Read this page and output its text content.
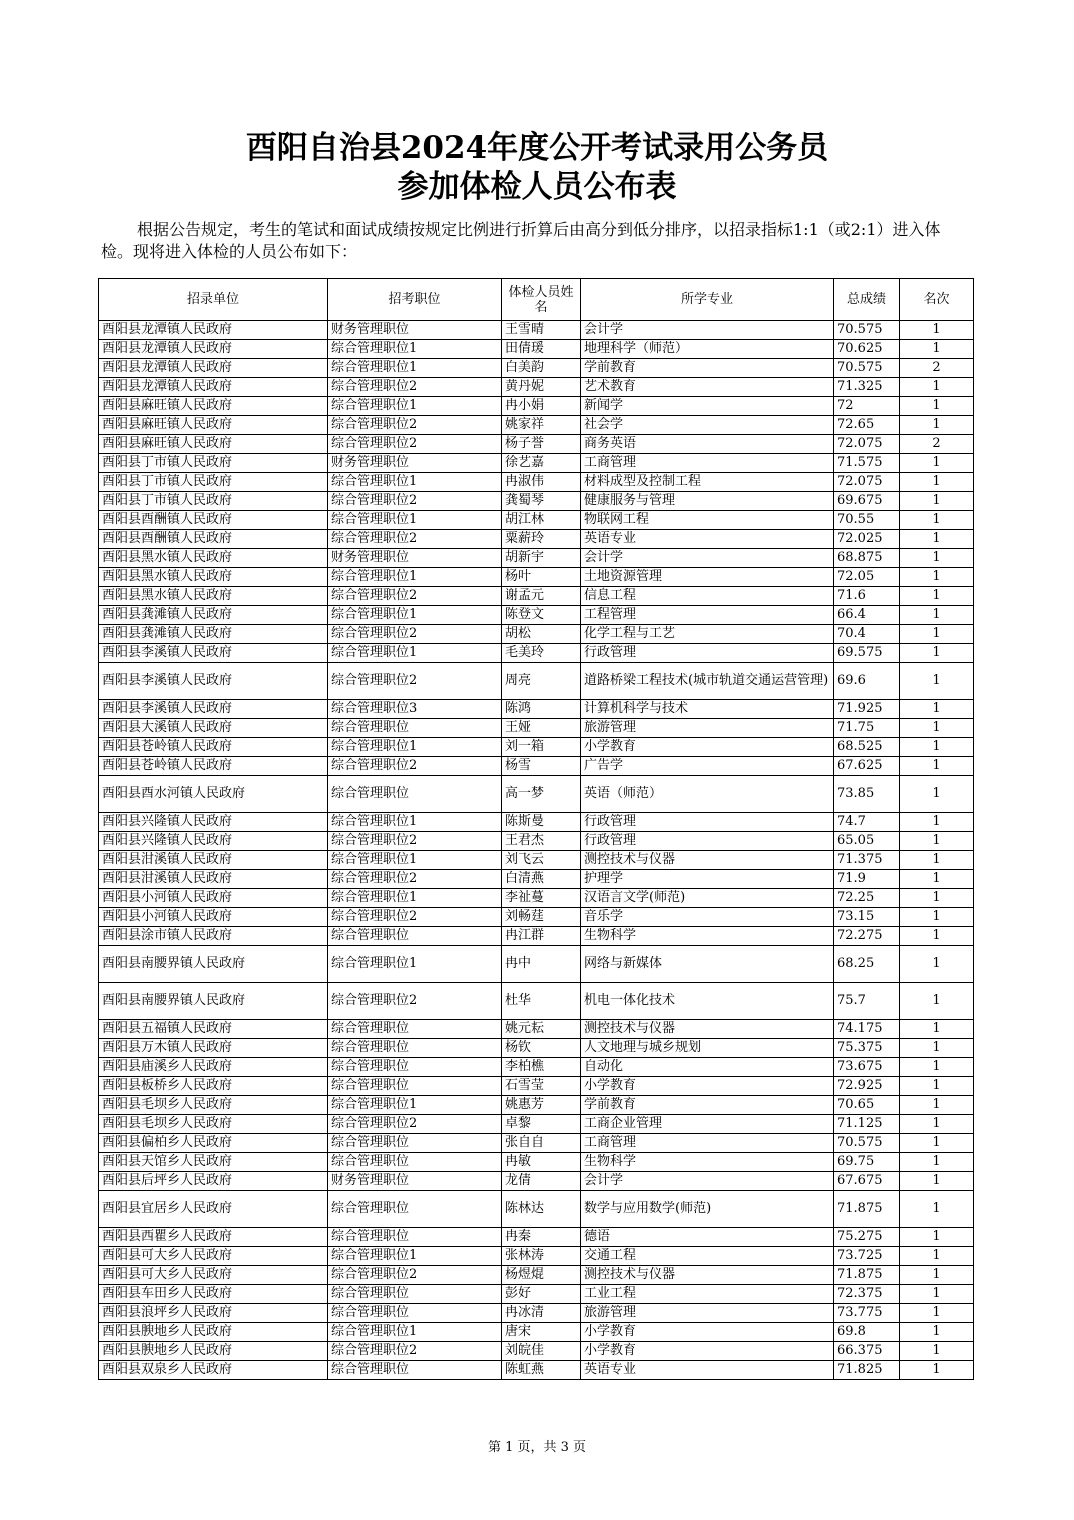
酉阳自治县2024年度公开考试录用公务员
参加体检人员公布表
根据公告规定，考生的笔试和面试成绩按规定比例进行折算后由高分到低分排序，以招录指标1:1（或2:1）进入体检。现将进入体检的人员公布如下：
招录单位	招考职位	体检人员姓名	所学专业	总成绩	名次
酉阳县龙潭镇人民政府	财务管理职位	王雪晴	会计学	70.575	1
酉阳县龙潭镇人民政府	综合管理职位1	田倩瑗	地理科学（师范）	70.625	1
酉阳县龙潭镇人民政府	综合管理职位1	白美韵	学前教育	70.575	2
酉阳县龙潭镇人民政府	综合管理职位2	黄丹妮	艺术教育	71.325	1
酉阳县麻旺镇人民政府	综合管理职位1	冉小娟	新闻学	72	1
酉阳县麻旺镇人民政府	综合管理职位2	姚家祥	社会学	72.65	1
酉阳县麻旺镇人民政府	综合管理职位2	杨子誉	商务英语	72.075	2
酉阳县丁市镇人民政府	财务管理职位	徐艺嘉	工商管理	71.575	1
酉阳县丁市镇人民政府	综合管理职位1	冉淑伟	材料成型及控制工程	72.075	1
酉阳县丁市镇人民政府	综合管理职位2	龚蜀琴	健康服务与管理	69.675	1
酉阳县酉酬镇人民政府	综合管理职位1	胡江林	物联网工程	70.55	1
酉阳县酉酬镇人民政府	综合管理职位2	粟薪玲	英语专业	72.025	1
酉阳县黑水镇人民政府	财务管理职位	胡新宇	会计学	68.875	1
酉阳县黑水镇人民政府	综合管理职位1	杨叶	土地资源管理	72.05	1
酉阳县黑水镇人民政府	综合管理职位2	谢孟元	信息工程	71.6	1
酉阳县龚滩镇人民政府	综合管理职位1	陈登文	工程管理	66.4	1
酉阳县龚滩镇人民政府	综合管理职位2	胡松	化学工程与工艺	70.4	1
酉阳县李溪镇人民政府	综合管理职位1	毛美玲	行政管理	69.575	1
酉阳县李溪镇人民政府	综合管理职位2	周亮	道路桥梁工程技术(城市轨道交通运营管理)	69.6	1
酉阳县李溪镇人民政府	综合管理职位3	陈鸿	计算机科学与技术	71.925	1
酉阳县大溪镇人民政府	综合管理职位	王娅	旅游管理	71.75	1
酉阳县苍岭镇人民政府	综合管理职位1	刘一箱	小学教育	68.525	1
酉阳县苍岭镇人民政府	综合管理职位2	杨雪	广告学	67.625	1
酉阳县酉水河镇人民政府	综合管理职位	高一梦	英语（师范）	73.85	1
酉阳县兴隆镇人民政府	综合管理职位1	陈斯曼	行政管理	74.7	1
酉阳县兴隆镇人民政府	综合管理职位2	王君杰	行政管理	65.05	1
酉阳县泔溪镇人民政府	综合管理职位1	刘飞云	测控技术与仪器	71.375	1
酉阳县泔溪镇人民政府	综合管理职位2	白清燕	护理学	71.9	1
酉阳县小河镇人民政府	综合管理职位1	李祉蔓	汉语言文学(师范)	72.25	1
酉阳县小河镇人民政府	综合管理职位2	刘畅莛	音乐学	73.15	1
酉阳县涂市镇人民政府	综合管理职位	冉江群	生物科学	72.275	1
酉阳县南腰界镇人民政府	综合管理职位1	冉中	网络与新媒体	68.25	1
酉阳县南腰界镇人民政府	综合管理职位2	杜华	机电一体化技术	75.7	1
酉阳县五福镇人民政府	综合管理职位	姚元耘	测控技术与仪器	74.175	1
酉阳县万木镇人民政府	综合管理职位	杨钦	人文地理与城乡规划	75.375	1
酉阳县庙溪乡人民政府	综合管理职位	李柏樵	自动化	73.675	1
酉阳县板桥乡人民政府	综合管理职位	石雪莹	小学教育	72.925	1
酉阳县毛坝乡人民政府	综合管理职位1	姚惠芳	学前教育	70.65	1
酉阳县毛坝乡人民政府	综合管理职位2	卓黎	工商企业管理	71.125	1
酉阳县偏柏乡人民政府	综合管理职位	张自自	工商管理	70.575	1
酉阳县天馆乡人民政府	综合管理职位	冉敏	生物科学	69.75	1
酉阳县后坪乡人民政府	财务管理职位	龙倩	会计学	67.675	1
酉阳县宜居乡人民政府	综合管理职位	陈林达	数学与应用数学(师范)	71.875	1
酉阳县西瞿乡人民政府	综合管理职位	冉秦	德语	75.275	1
酉阳县可大乡人民政府	综合管理职位1	张林涛	交通工程	73.725	1
酉阳县可大乡人民政府	综合管理职位2	杨煜焜	测控技术与仪器	71.875	1
酉阳县车田乡人民政府	综合管理职位	彭好	工业工程	72.375	1
酉阳县浪坪乡人民政府	综合管理职位	冉冰清	旅游管理	73.775	1
酉阳县腴地乡人民政府	综合管理职位1	唐宋	小学教育	69.8	1
酉阳县腴地乡人民政府	综合管理职位2	刘皖佳	小学教育	66.375	1
酉阳县双泉乡人民政府	综合管理职位	陈虹燕	英语专业	71.825	1
第 1 页，共 3 页
